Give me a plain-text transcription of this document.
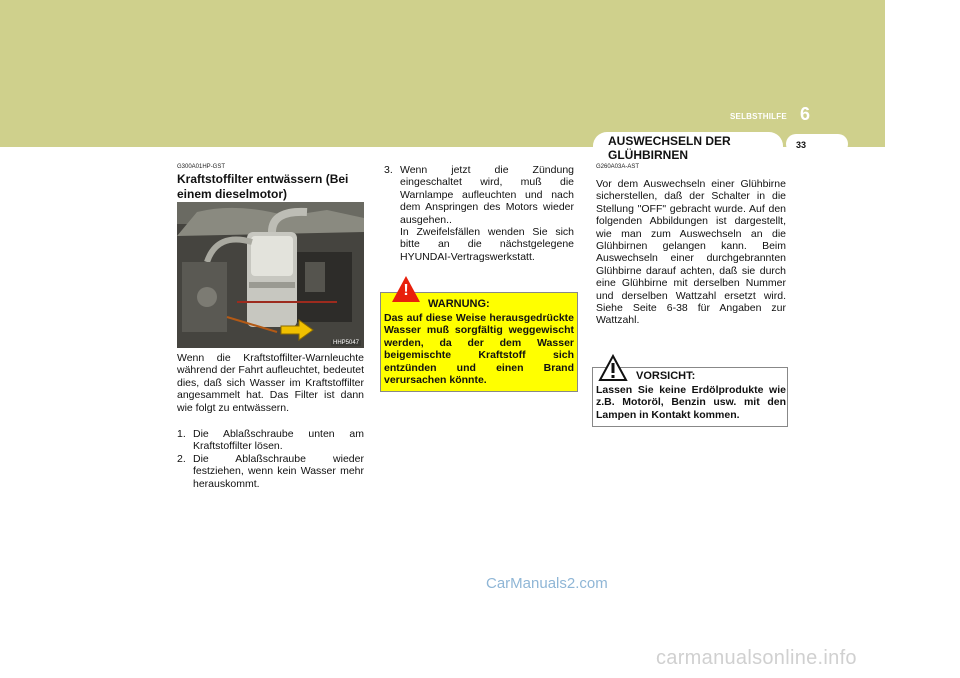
SELBSTHILFE 6
33
AUSWECHSELN DER GLÜHBIRNEN
G300A01HP-GST
Kraftstoffilter entwässern (Bei einem dieselmotor)
HHP5047
Wenn die Kraftstoffilter-Warnleuchte während der Fahrt aufleuchtet, bedeutet dies, daß sich Wasser im Kraftstoffilter angesammelt hat. Das Filter ist dann wie folgt zu entwässern.
1. Die Ablaßschraube unten am Kraftstoffilter lösen.
2. Die Ablaßschraube wieder festziehen, wenn kein Wasser mehr herauskommt.
3. Wenn jetzt die Zündung eingeschaltet wird, muß die Warnlampe aufleuchten und nach dem Anspringen des Motors wieder ausgehen..
In Zweifelsfällen wenden Sie sich bitte an die nächstgelegene HYUNDAI-Vertragswerkstatt.
!
WARNUNG:
Das auf diese Weise herausgedrückte Wasser muß sorgfältig weggewischt werden, da der dem Wasser beigemischte Kraftstoff sich entzünden und einen Brand verursachen könnte.
G260A03A-AST
Vor dem Auswechseln einer Glühbirne sicherstellen, daß der Schalter in die Stellung "OFF" gebracht wurde. Auf den folgenden Abbildungen ist dargestellt, wie man zum Auswechseln an die Glühbirnen gelangen kann. Beim Auswechseln einer durchgebrannten Glühbirne darauf achten, daß sie durch eine Glühbirne mit derselben Nummer und derselben Wattzahl ersetzt wird. Siehe Seite 6-38 für Angaben zur Wattzahl.
VORSICHT:
Lassen Sie keine Erdölprodukte wie z.B. Motoröl, Benzin usw. mit den Lampen in Kontakt kommen.
CarManuals2.com
carmanualsonline.info
